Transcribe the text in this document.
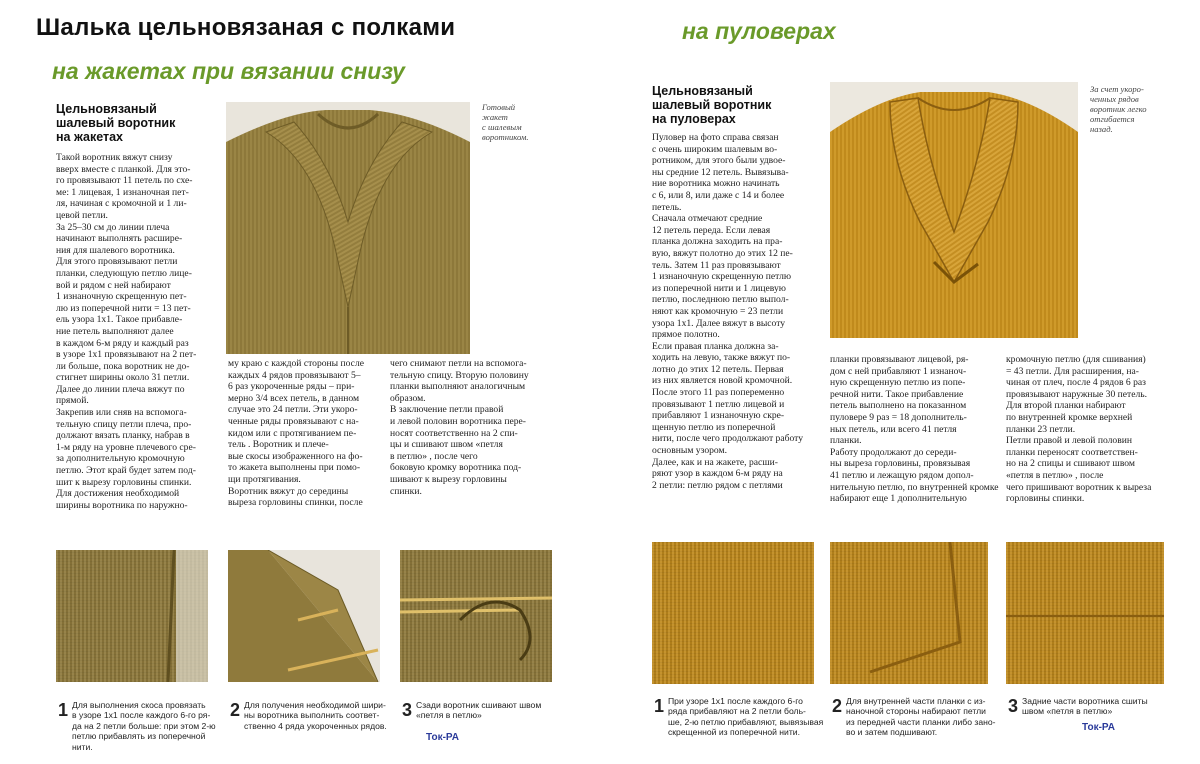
Шалька цельновязаная с полками
на жакетах при вязании снизу
на пуловерах
Цельновязаный
шалевый воротник
на жакетах
Готовый
жакет
с шалевым
воротником.
Такой воротник вяжут снизу
вверх вместе с планкой. Для это-
го провязывают 11 петель по схе-
ме: 1 лицевая, 1 изнаночная пет-
ля, начиная с кромочной и 1 ли-
цевой петли.
За 25–30 см до линии плеча
начинают выполнять расшире-
ния для шалевого воротника.
Для этого провязывают петли
планки, следующую петлю лице-
вой и рядом с ней набирают
1 изнаночную скрещенную пет-
лю из поперечной нити = 13 пет-
ель узора 1х1. Такое прибавле-
ние петель выполняют далее
в каждом 6-м ряду и каждый раз
в узоре 1х1 провязывают на 2 пет-
ли больше, пока воротник не до-
стигнет ширины около 31 петли.
Далее до линии плеча вяжут по
прямой.
Закрепив или сняв на вспомога-
тельную спицу петли плеча, про-
должают вязать планку, набрав в
1-м ряду на уровне плечевого сре-
за дополнительную кромочную
петлю. Этот край будет затем под-
шит к вырезу горловины спинки.
Для достижения необходимой
ширины воротника по наружно-
му краю с каждой стороны после
каждых 4 рядов провязывают 5–
6 раз укороченные ряды – при-
мерно 3/4 всех петель, в данном
случае это 24 петли. Эти укоро-
ченные ряды провязывают с на-
кидом или с протягиванием пе-
тель . Воротник и плече-
вые скосы изображенного на фо-
то жакета выполнены при помо-
щи протягивания.
Воротник вяжут до середины
выреза горловины спинки, после
чего снимают петли на вспомога-
тельную спицу. Вторую половину
планки выполняют аналогичным
образом.
В заключение петли правой
и левой половин воротника пере-
носят соответственно на 2 спи-
цы и сшивают швом «петля
в петлю» , после чего
боковую кромку воротника под-
шивают к вырезу горловины
спинки.
1 Для выполнения скоса провязать
в узоре 1х1 после каждого 6-го ря-
да на 2 петли больше: при этом 2-ю
петлю прибавлять из поперечной нити.
2 Для получения необходимой шири-
ны воротника выполнить соответ-
ственно 4 ряда укороченных рядов.
3 Сзади воротник сшивают швом
«петля в петлю»
Ток-РА
Цельновязаный
шалевый воротник
на пуловерах
За счет укоро-
ченных рядов
воротник легко
отгибается
назад.
Пуловер на фото справа связан
с очень широким шалевым во-
ротником, для этого были удвое-
ны средние 12 петель. Вывязыва-
ние воротника можно начинать
с 6, или 8, или даже с 14 и более
петель.
Сначала отмечают средние
12 петель переда. Если левая
планка должна заходить на пра-
вую, вяжут полотно до этих 12 пе-
тель. Затем 11 раз провязывают
1 изнаночную скрещенную петлю
из поперечной нити и 1 лицевую
петлю, последнюю петлю выпол-
няют как кромочную = 23 петли
узора 1х1. Далее вяжут в высоту
прямое полотно.
Если правая планка должна за-
ходить на левую, также вяжут по-
лотно до этих 12 петель. Первая
из них является новой кромочной.
После этого 11 раз попеременно
провязывают 1 петлю лицевой и
прибавляют 1 изнаночную скре-
щенную петлю из поперечной
нити, после чего продолжают работу
основным узором.
Далее, как и на жакете, расши-
ряют узор в каждом 6-м ряду на
2 петли: петлю рядом с петлями
планки провязывают лицевой, ря-
дом с ней прибавляют 1 изнаноч-
ную скрещенную петлю из попе-
речной нити. Такое прибавление
петель выполнено на показанном
пуловере 9 раз = 18 дополнитель-
ных петель, или всего 41 петля
планки.
Работу продолжают до середи-
ны выреза горловины, провязывая
41 петлю и лежащую рядом допол-
нительную петлю, по внутренней кромке
набирают еще 1 дополнительную
кромочную петлю (для сшивания)
= 43 петли. Для расширения, на-
чиная от плеч, после 4 рядов 6 раз
провязывают наружные 30 петель.
Для второй планки набирают
по внутренней кромке верхней
планки 23 петли.
Петли правой и левой половин
планки переносят соответствен-
но на 2 спицы и сшивают швом
«петля в петлю» , после
чего пришивают воротник к выреза
горловины спинки.
1 При узоре 1х1 после каждого 6-го
ряда прибавляют на 2 петли боль-
ше, 2-ю петлю прибавляют, вывязывая
скрещенной из поперечной нити.
2 Для внутренней части планки с из-
наночной стороны набирают петли
из передней части планки либо зано-
во и затем подшивают.
3 Задние части воротника сшиты
швом «петля в петлю»
Ток-РА
